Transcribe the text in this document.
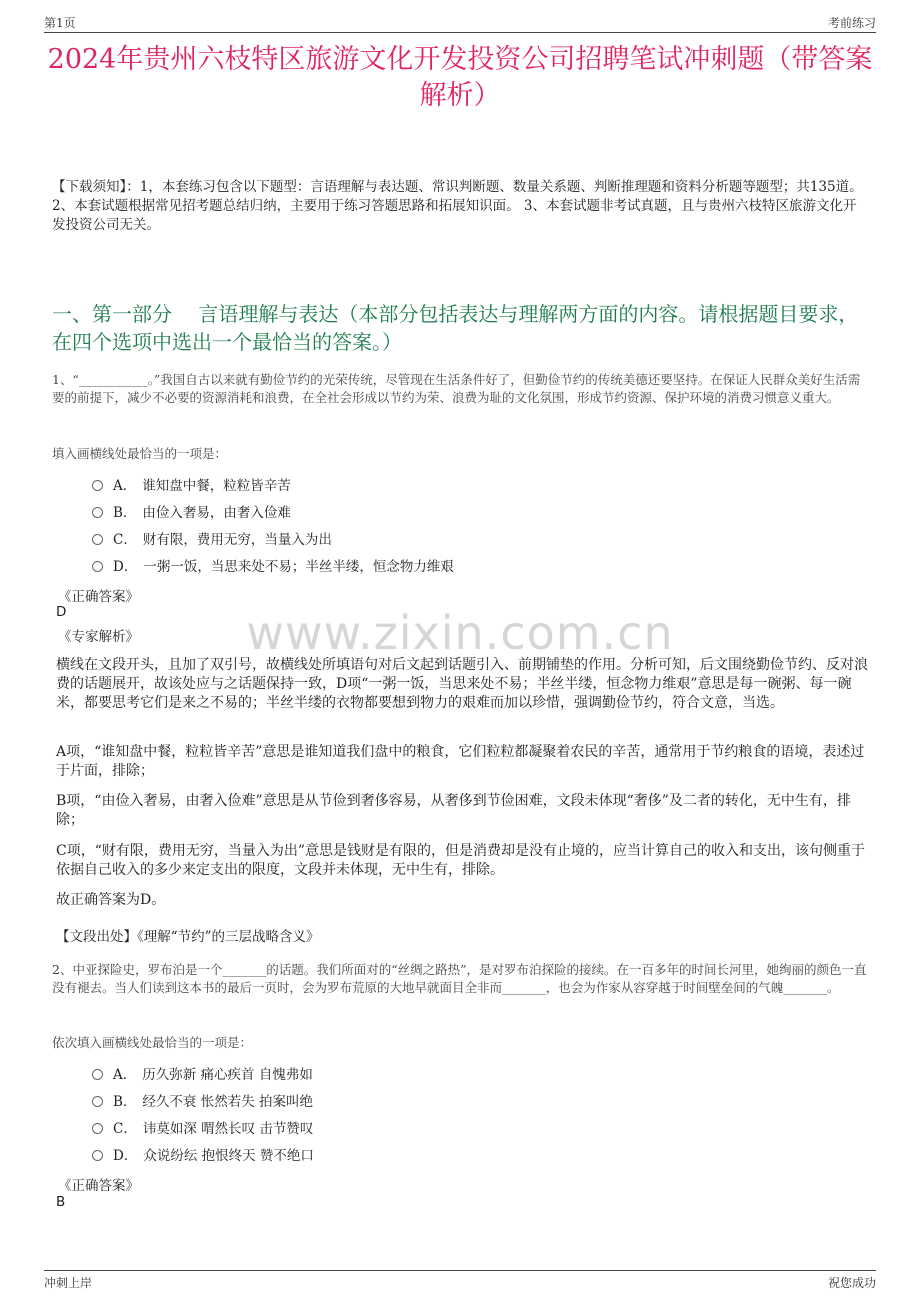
第1页	考前练习
2024年贵州六枝特区旅游文化开发投资公司招聘笔试冲刺题（带答案解析）
【下载须知】：1，本套练习包含以下题型：言语理解与表达题、常识判断题、数量关系题、判断推理题和资料分析题等题型；共135道。 2、本套试题根据常见招考题总结归纳，主要用于练习答题思路和拓展知识面。 3、本套试题非考试真题，且与贵州六枝特区旅游文化开发投资公司无关。
一、第一部分　 言语理解与表达（本部分包括表达与理解两方面的内容。请根据题目要求，在四个选项中选出一个最恰当的答案。）
www.zixin.com.cn
1、“___________。”我国自古以来就有勤俭节约的光荣传统，尽管现在生活条件好了，但勤俭节约的传统美德还要坚持。在保证人民群众美好生活需要的前提下，减少不必要的资源消耗和浪费，在全社会形成以节约为荣、浪费为耻的文化氛围，形成节约资源、保护环境的消费习惯意义重大。
填入画横线处最恰当的一项是：
A． 谁知盘中餐，粒粒皆辛苦
B． 由俭入奢易，由奢入俭难
C． 财有限，费用无穷，当量入为出
D． 一粥一饭，当思来处不易；半丝半缕，恒念物力维艰
《正确答案》
D
《专家解析》
横线在文段开头，且加了双引号，故横线处所填语句对后文起到话题引入、前期铺垫的作用。分析可知，后文围绕勤俭节约、反对浪费的话题展开，故该处应与之话题保持一致，D项“一粥一饭，当思来处不易；半丝半缕，恒念物力维艰”意思是每一碗粥、每一碗米，都要思考它们是来之不易的；半丝半缕的衣物都要想到物力的艰难而加以珍惜，强调勤俭节约，符合文意，当选。
A项，“谁知盘中餐，粒粒皆辛苦”意思是谁知道我们盘中的粮食，它们粒粒都凝聚着农民的辛苦，通常用于节约粮食的语境，表述过于片面，排除；
B项，“由俭入奢易，由奢入俭难”意思是从节俭到奢侈容易，从奢侈到节俭困难，文段未体现“奢侈”及二者的转化，无中生有，排除；
C项，“财有限，费用无穷，当量入为出”意思是钱财是有限的，但是消费却是没有止境的，应当计算自己的收入和支出，该句侧重于依据自己收入的多少来定支出的限度，文段并未体现，无中生有，排除。
故正确答案为D。
【文段出处】《理解“节约”的三层战略含义》
2、中亚探险史，罗布泊是一个_______的话题。我们所面对的“丝绸之路热”，是对罗布泊探险的接续。在一百多年的时间长河里，她绚丽的颜色一直没有褪去。当人们读到这本书的最后一页时，会为罗布荒原的大地早就面目全非而_______，也会为作家从容穿越于时间壁垒间的气魄_______。
依次填入画横线处最恰当的一项是：
A． 历久弥新 痛心疾首 自愧弗如
B． 经久不衰 怅然若失 拍案叫绝
C． 讳莫如深 喟然长叹 击节赞叹
D． 众说纷纭 抱恨终天 赞不绝口
《正确答案》
B
冲刺上岸	祝您成功
